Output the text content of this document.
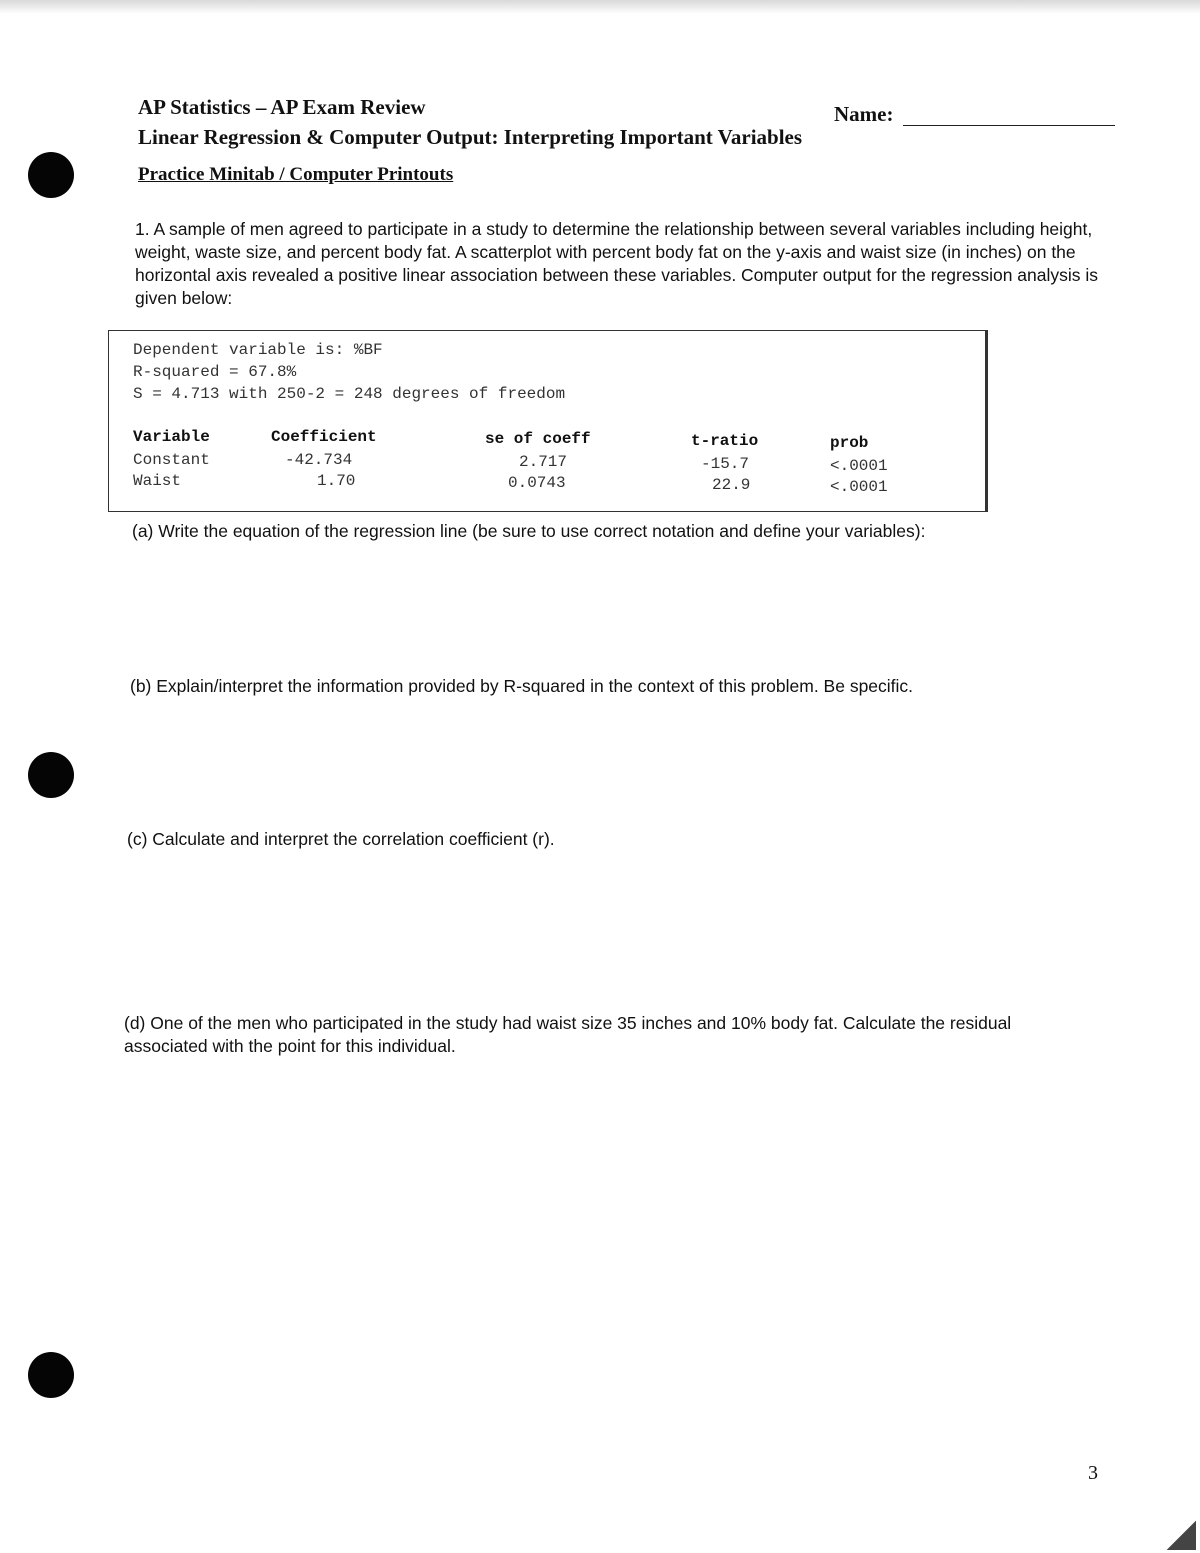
AP Statistics – AP Exam Review	Name:
Linear Regression & Computer Output: Interpreting Important Variables
Practice Minitab / Computer Printouts
1. A sample of men agreed to participate in a study to determine the relationship between several variables including height, weight, waste size, and percent body fat. A scatterplot with percent body fat on the y-axis and waist size (in inches) on the horizontal axis revealed a positive linear association between these variables. Computer output for the regression analysis is given below:
Dependent variable is: %BF
R-squared = 67.8%
S = 4.713 with 250-2 = 248 degrees of freedom
Variable	Coefficient	se of coeff	t-ratio	prob
Constant	-42.734	2.717	-15.7	<.0001
Waist	1.70	0.0743	22.9	<.0001
(a) Write the equation of the regression line (be sure to use correct notation and define your variables):
(b) Explain/interpret the information provided by R-squared in the context of this problem. Be specific.
(c) Calculate and interpret the correlation coefficient (r).
(d) One of the men who participated in the study had waist size 35 inches and 10% body fat. Calculate the residual associated with the point for this individual.
3
